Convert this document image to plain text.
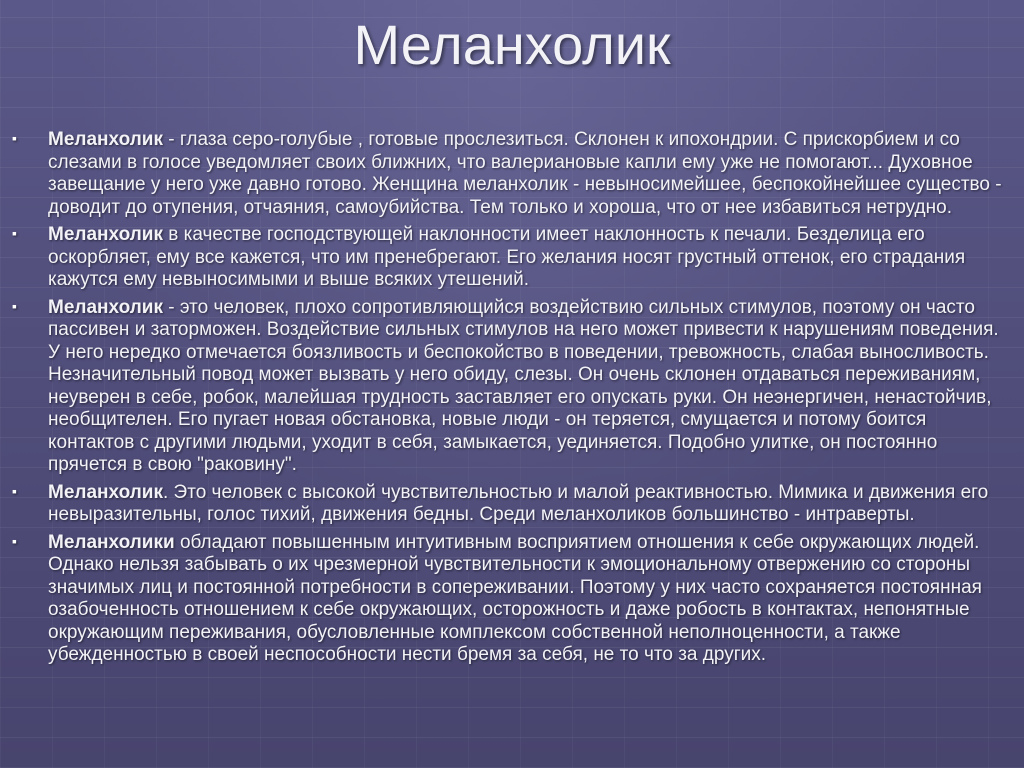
Меланхолик
▪ Меланхолик - глаза серо-голубые , готовые прослезиться. Склонен к ипохондрии. С прискорбием и со слезами в голосе уведомляет своих ближних, что валериановые капли ему уже не помогают... Духовное завещание у него уже давно готово. Женщина меланхолик - невыносимейшее, беспокойнейшее существо - доводит до отупения, отчаяния, самоубийства. Тем только и хороша, что от нее избавиться нетрудно.
▪ Меланхолик в качестве господствующей наклонности имеет наклонность к печали. Безделица его оскорбляет, ему все кажется, что им пренебрегают. Его желания носят грустный оттенок, его страдания кажутся ему невыносимыми и выше всяких утешений.
▪ Меланхолик - это человек, плохо сопротивляющийся воздействию сильных стимулов, поэтому он часто пассивен и заторможен. Воздействие сильных стимулов на него может привести к нарушениям поведения. У него нередко отмечается боязливость и беспокойство в поведении, тревожность, слабая выносливость. Незначительный повод может вызвать у него обиду, слезы. Он очень склонен отдаваться переживаниям, неуверен в себе, робок, малейшая трудность заставляет его опускать руки. Он неэнергичен, ненастойчив, необщителен. Его пугает новая обстановка, новые люди - он теряется, смущается и потому боится контактов с другими людьми, уходит в себя, замыкается, уединяется. Подобно улитке, он постоянно прячется в свою "раковину".
▪ Меланхолик. Это человек с высокой чувствительностью и малой реактивностью. Мимика и движения его невыразительны, голос тихий, движения бедны. Среди меланхоликов большинство - интраверты.
▪ Меланхолики обладают повышенным интуитивным восприятием отношения к себе окружающих людей. Однако нельзя забывать о их чрезмерной чувствительности к эмоциональному отвержению со стороны значимых лиц и постоянной потребности в сопереживании. Поэтому у них часто сохраняется постоянная озабоченность отношением к себе окружающих, осторожность и даже робость в контактах, непонятные окружающим переживания, обусловленные комплексом собственной неполноценности, а также убежденностью в своей неспособности нести бремя за себя, не то что за других.
